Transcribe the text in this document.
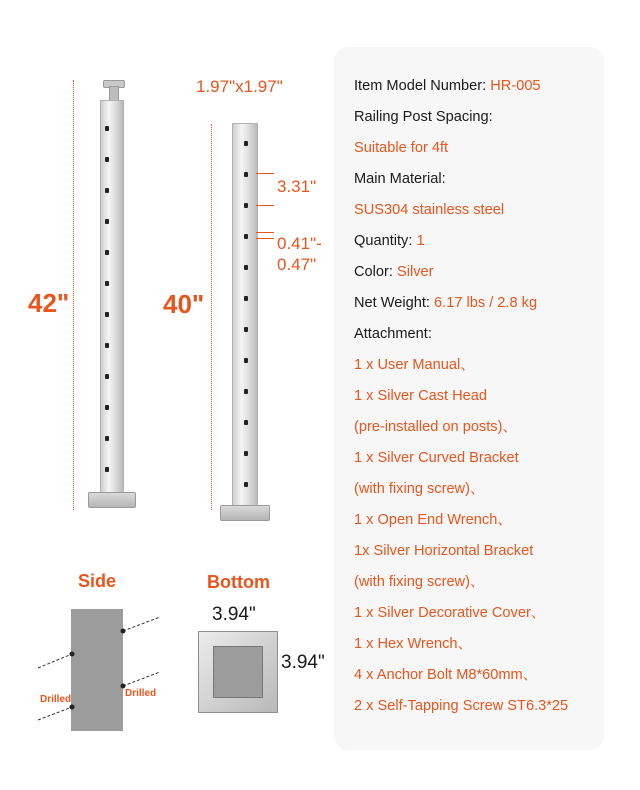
42"	40"
1.97"x1.97"
3.31"
0.41"-
0.47"
Side
Drilled
Drilled
Bottom
3.94"
3.94"
Item Model Number: HR-005
Railing Post Spacing:
Suitable for 4ft
Main Material:
SUS304 stainless steel
Quantity: 1
Color: Silver
Net Weight: 6.17 lbs / 2.8 kg
Attachment:
1 x User Manual、
1 x Silver Cast Head
(pre-installed on posts)、
1 x Silver Curved Bracket
(with fixing screw)、
1 x Open End Wrench、
1x Silver Horizontal Bracket
(with fixing screw)、
1 x Silver Decorative Cover、
1 x Hex Wrench、
4 x Anchor Bolt M8*60mm、
2 x Self-Tapping Screw ST6.3*25
